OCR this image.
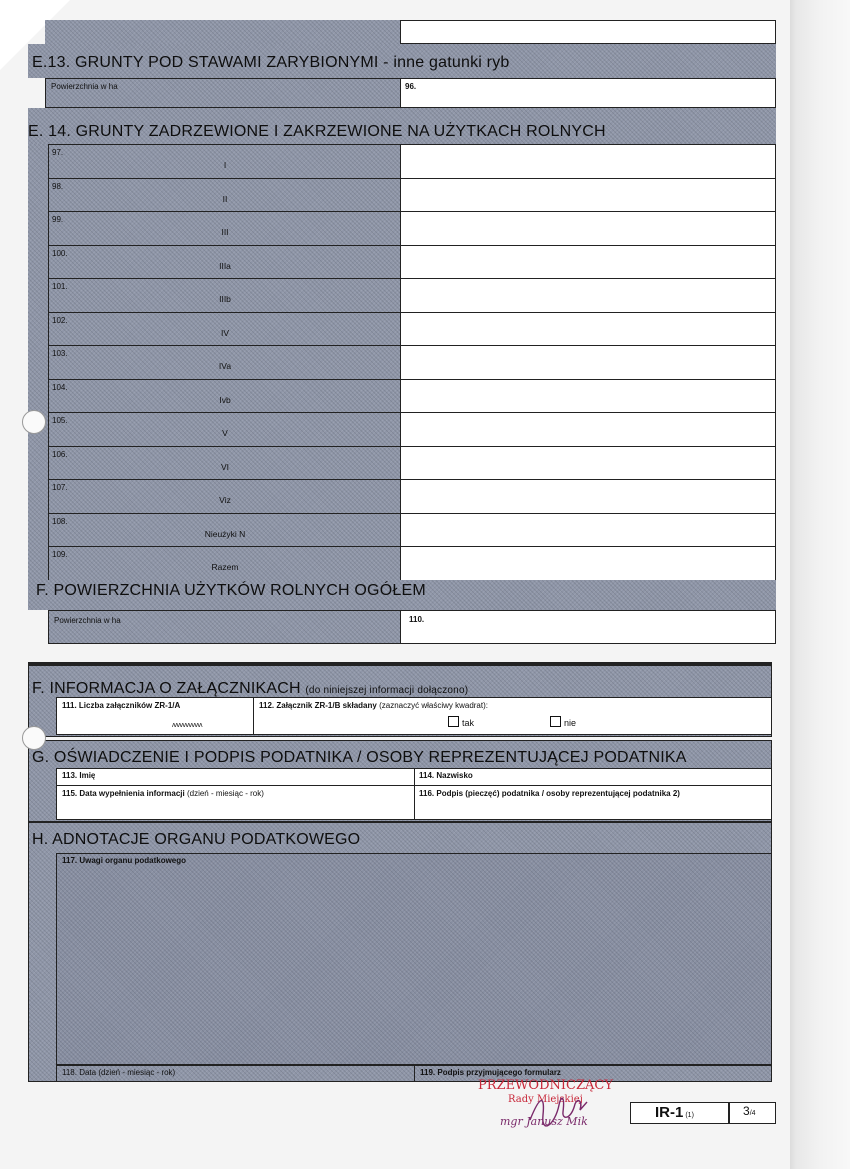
E.13. GRUNTY POD STAWAMI ZARYBIONYMI - inne gatunki ryb
Powierzchnia w ha	96.
E. 14. GRUNTY ZADRZEWIONE I ZAKRZEWIONE NA UŻYTKACH ROLNYCH
97.
I
98.
II
99.
III
100.
IIIa
101.
IIIb
102.
IV
103.
IVa
104.
Ivb
105.
V
106.
VI
107.
Viz
108.
Nieużyki N
109.
Razem
F. POWIERZCHNIA UŻYTKÓW ROLNYCH OGÓŁEM
Powierzchnia w ha	110.
F. INFORMACJA O ZAŁĄCZNIKACH (do niniejszej informacji dołączono)
111. Liczba załączników ZR-1/A
ʌʌʌʌʌʌʌʌʌʌ
112. Załącznik ZR-1/B składany (zaznaczyć właściwy kwadrat):
tak	nie
G. OŚWIADCZENIE I PODPIS PODATNIKA / OSOBY REPREZENTUJĄCEJ PODATNIKA
113. Imię	114. Nazwisko
115. Data wypełnienia informacji (dzień - miesiąc - rok)	116. Podpis (pieczęć) podatnika / osoby reprezentującej podatnika 2)
H. ADNOTACJE ORGANU PODATKOWEGO
117. Uwagi organu podatkowego
118. Data (dzień - miesiąc - rok)	119. Podpis przyjmującego formularz
PRZEWODNICZĄCY
Rady Miejskiej
mgr Janusz Mik
IR-1 (1)	3/4
